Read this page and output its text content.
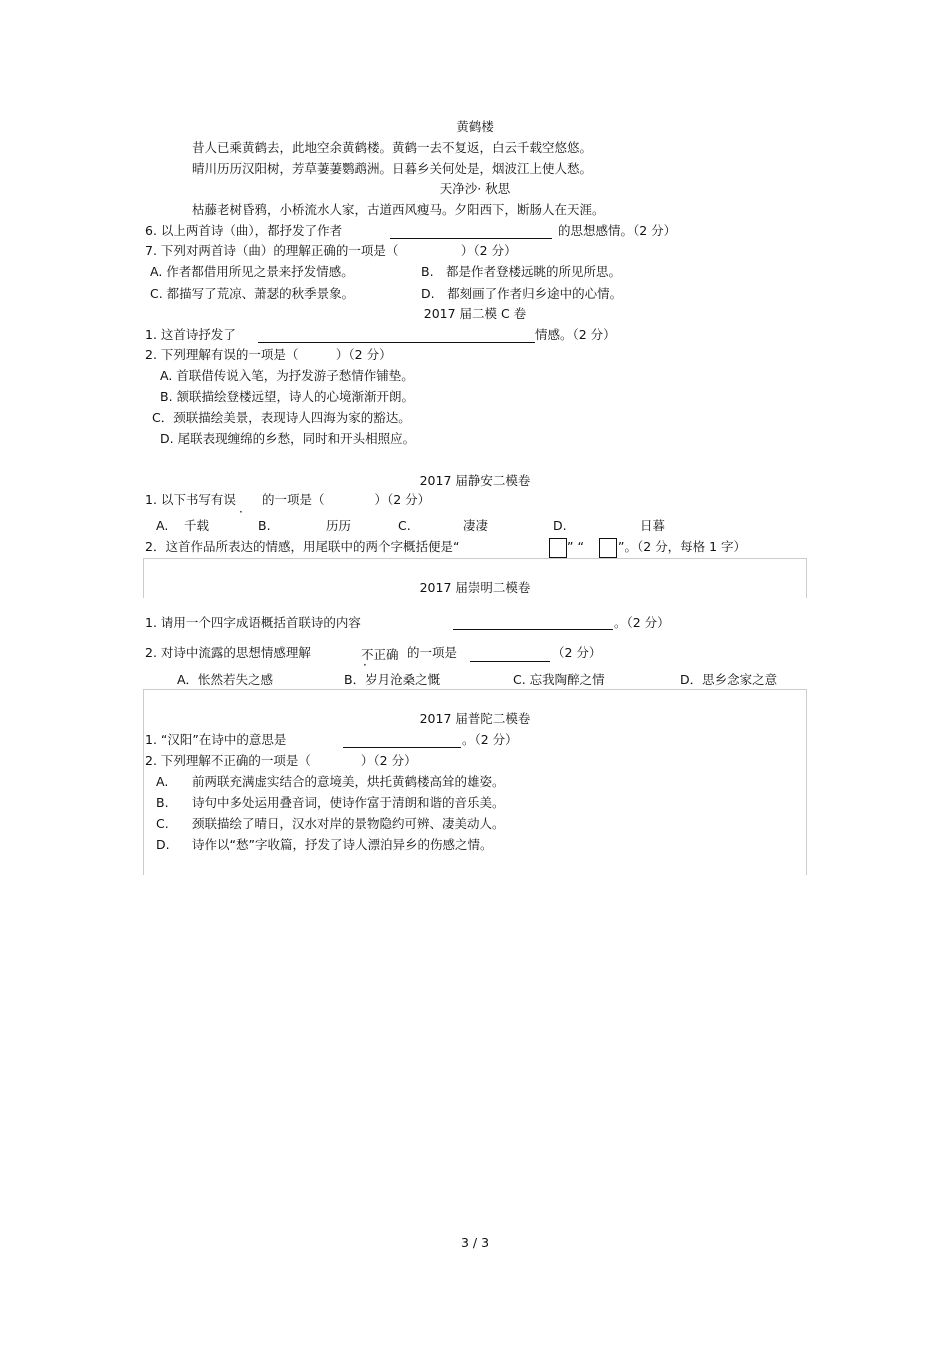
黄鹤楼
昔人已乘黄鹤去，此地空余黄鹤楼。黄鹤一去不复返，白云千载空悠悠。
晴川历历汉阳树，芳草萋萋鹦鹉洲。日暮乡关何处是，烟波江上使人愁。
天净沙· 秋思
枯藤老树昏鸦，小桥流水人家，古道西风瘦马。夕阳西下，断肠人在天涯。
6. 以上两首诗（曲），都抒发了作者	的思想感情。（2 分）
7. 下列对两首诗（曲）的理解正确的一项是（　　　　　）（2 分）
A. 作者都借用所见之景来抒发情感。	B.　都是作者登楼远眺的所见所思。
C. 都描写了荒凉、萧瑟的秋季景象。	D.　都刻画了作者归乡途中的心情。
2017 届二模 C 卷
1. 这首诗抒发了	情感。（2 分）
2. 下列理解有误的一项是（　　　）（2 分）
A. 首联借传说入笔，为抒发游子愁情作铺垫。
B. 颔联描绘登楼远望，诗人的心境渐渐开朗。
C．颈联描绘美景，表现诗人四海为家的豁达。
D. 尾联表现缠绵的乡愁，同时和开头相照应。
2017 届静安二模卷
1. 以下书写有误
·
的一项是（　　　　）（2 分）
A. 千载	B.	历历	C.	凄凄	D.	日暮
2．这首作品所表达的情感，用尾联中的两个字概括便是“	” “	”。（2 分，每格 1 字）
2017 届崇明二模卷
1. 请用一个四字成语概括首联诗的内容	。（2 分）
2. 对诗中流露的思想情感理解	不正确
·
的一项是	（2 分）
A．怅然若失之感	B．岁月沧桑之慨	C. 忘我陶醉之情	D．思乡念家之意
2017 届普陀二模卷
1. “汉阳”在诗中的意思是	。（2 分）
2. 下列理解不正确的一项是（　　　　）（2 分）
A. 前两联充满虚实结合的意境美，烘托黄鹤楼高耸的雄姿。
B. 诗句中多处运用叠音词，使诗作富于清朗和谐的音乐美。
C. 颈联描绘了晴日，汉水对岸的景物隐约可辨、凄美动人。
D. 诗作以“愁”字收篇，抒发了诗人漂泊异乡的伤感之情。
3 / 3
